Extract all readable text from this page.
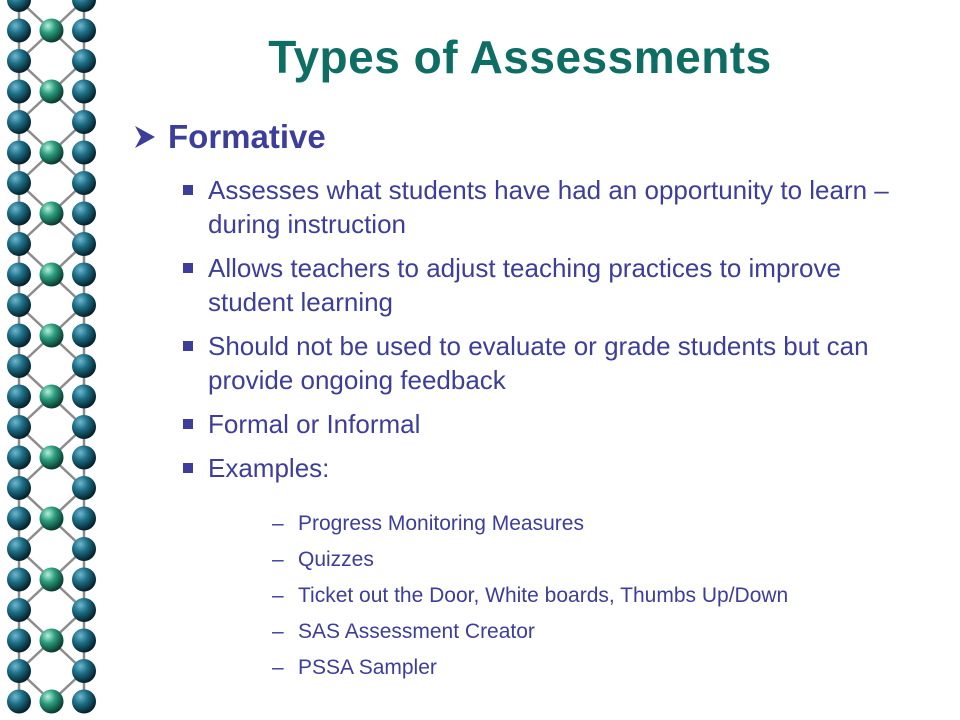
Types of Assessments
Formative
Assesses what students have had an opportunity to learn – during instruction
Allows teachers to adjust teaching practices to improve student learning
Should not be used to evaluate or grade students but can provide ongoing feedback
Formal or Informal
Examples:
– Progress Monitoring Measures
– Quizzes
– Ticket out the Door, White boards, Thumbs Up/Down
– SAS Assessment Creator
– PSSA Sampler
